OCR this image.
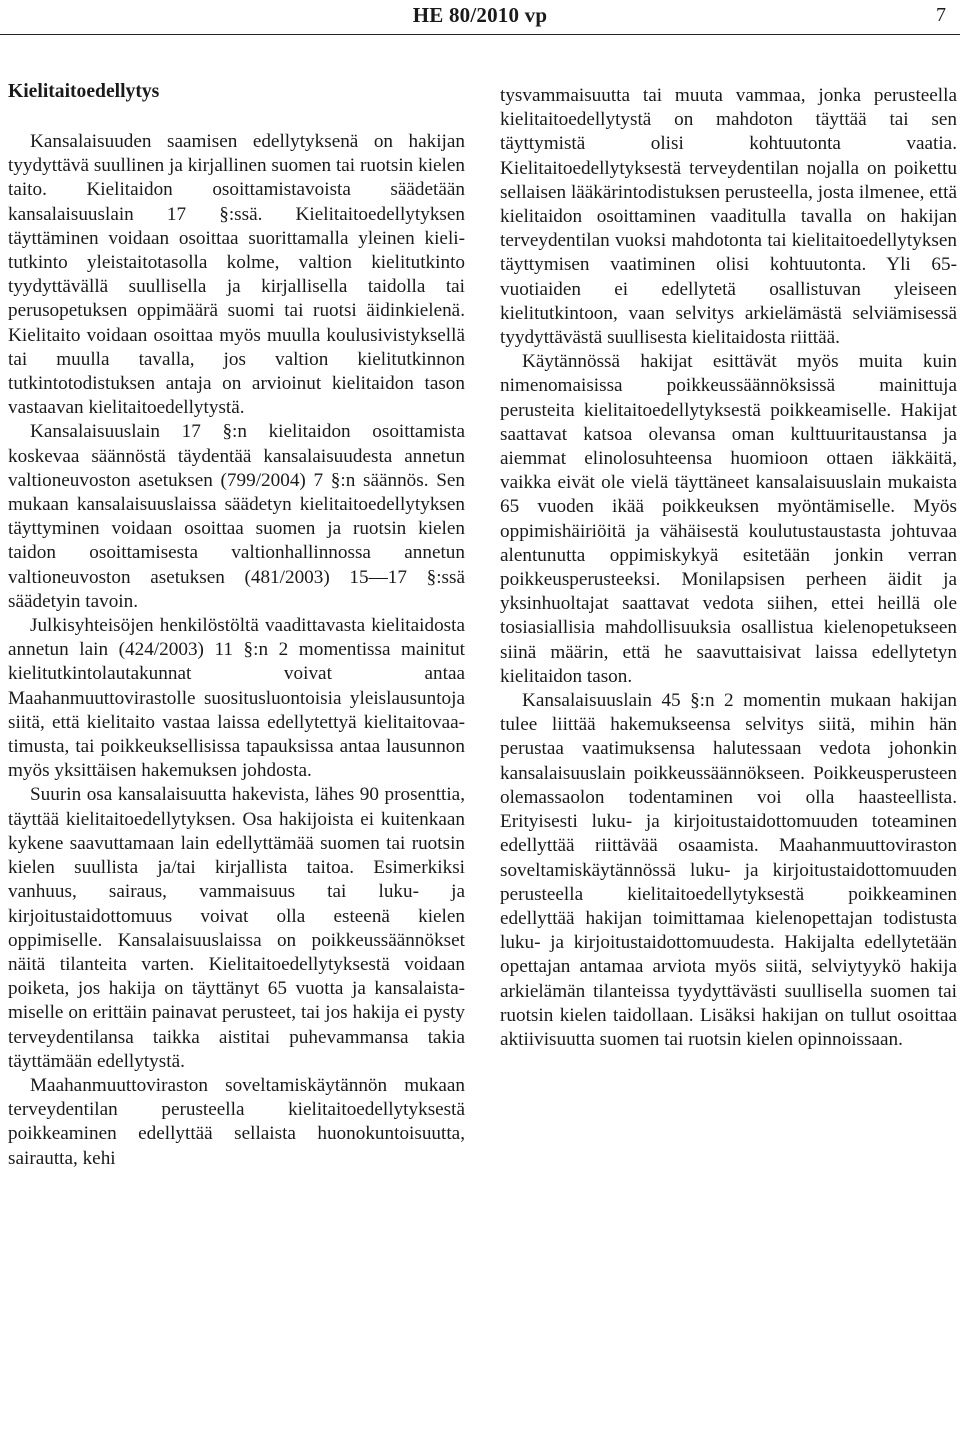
HE 80/2010 vp	7
Kielitaitoedellytys

Kansalaisuuden saamisen edellytyksenä on hakijan tyydyttävä suullinen ja kirjallinen suomen tai ruotsin kielen taito. Kielitaidon osoittamistavoista säädetään kansalaisuuslain 17 §:ssä. Kielitaitoedellytyksen täyttäminen voidaan osoittaa suorittamalla yleinen kielitutkinto yleistaitotasolla kolme, valtion kielitutkinto tyydyttävällä suullisella ja kirjallisella taidolla tai perusopetuksen oppimäärä suomi tai ruotsi äidinkielenä. Kielitaito voidaan osoittaa myös muulla koulusivistyksellä tai muulla tavalla, jos valtion kielitutkinnon tutkintotodistuksen antaja on arvioinut kielitaidon tason vastaavan kielitaitoedellytystä.

Kansalaisuuslain 17 §:n kielitaidon osoittamista koskevaa säännöstä täydentää kansalaisuudesta annetun valtioneuvoston asetuksen (799/2004) 7 §:n säännös. Sen mukaan kansalaisuuslaissa säädetyn kielitaitoedellytyksen täyttyminen voidaan osoittaa suomen ja ruotsin kielen taidon osoittamisesta valtionhallinnossa annetun valtioneuvoston asetuksen (481/2003) 15—17 §:ssä säädetyin tavoin.

Julkisyhteisöjen henkilöstöltä vaadittavasta kielitaidosta annetun lain (424/2003) 11 §:n 2 momentissa mainitut kielitutkintolautakunnat voivat antaa Maahanmuuttovirastolle suositusluontoisia yleislausuntoja siitä, että kielitaito vastaa laissa edellytettyä kielitaitovaatimusta, tai poikkeuksellisissa tapauksissa antaa lausunnon myös yksittäisen hakemuksen johdosta.

Suurin osa kansalaisuutta hakevista, lähes 90 prosenttia, täyttää kielitaitoedellytyksen. Osa hakijoista ei kuitenkaan kykene saavuttamaan lain edellyttämää suomen tai ruotsin kielen suullista ja/tai kirjallista taitoa. Esimerkiksi vanhuus, sairaus, vammaisuus tai luku- ja kirjoitustaidottomuus voivat olla esteenä kielen oppimiselle. Kansalaisuuslaissa on poikkeussäännökset näitä tilanteita varten. Kielitaitoedellytyksestä voidaan poiketa, jos hakija on täyttänyt 65 vuotta ja kansalaistamiselle on erittäin painavat perusteet, tai jos hakija ei pysty terveydentilansa taikka aistitai puhevammansa takia täyttämään edellytystä.

Maahanmuuttoviraston soveltamiskäytännön mukaan terveydentilan perusteella kielitaitoedellytyksestä poikkeaminen edellyttää sellaista huonokuntoisuutta, sairautta, kehi

tysvammaisuutta tai muuta vammaa, jonka perusteella kielitaitoedellytystä on mahdoton täyttää tai sen täyttymistä olisi kohtuutonta vaatia. Kielitaitoedellytyksestä terveydentilan nojalla on poikettu sellaisen lääkärintodistuksen perusteella, josta ilmenee, että kielitaidon osoittaminen vaaditulla tavalla on hakijan terveydentilan vuoksi mahdotonta tai kielitaitoedellytyksen täyttymisen vaatiminen olisi kohtuutonta. Yli 65-vuotiaiden ei edellytetä osallistuvan yleiseen kielitutkintoon, vaan selvitys arkielämästä selviämisessä tyydyttävästä suullisesta kielitaidosta riittää.

Käytännössä hakijat esittävät myös muita kuin nimenomaisissa poikkeussäännöksissä mainittuja perusteita kielitaitoedellytyksestä poikkeamiselle. Hakijat saattavat katsoa olevansa oman kulttuuritaustansa ja aiemmat elinolosuhteensa huomioon ottaen iäkkäitä, vaikka eivät ole vielä täyttäneet kansalaisuuslain mukaista 65 vuoden ikää poikkeuksen myöntämiselle. Myös oppimishäiriöitä ja vähäisestä koulutustaustasta johtuvaa alentunutta oppimiskykyä esitetään jonkin verran poikkeusperusteeksi. Monilapsisen perheen äidit ja yksinhuoltajat saattavat vedota siihen, ettei heillä ole tosiasiallisia mahdollisuuksia osallistua kielenopetukseen siinä määrin, että he saavuttaisivat laissa edellytetyn kielitaidon tason.

Kansalaisuuslain 45 §:n 2 momentin mukaan hakijan tulee liittää hakemukseensa selvitys siitä, mihin hän perustaa vaatimuksensa halutessaan vedota johonkin kansalaisuuslain poikkeussäännökseen. Poikkeusperusteen olemassaolon todentaminen voi olla haasteellista. Erityisesti luku- ja kirjoitustaidottomuuden toteaminen edellyttää riittävää osaamista. Maahanmuuttoviraston soveltamiskäytännössä luku- ja kirjoitustaidottomuuden perusteella kielitaitoedellytyksestä poikkeaminen edellyttää hakijan toimittamaa kielenopettajan todistusta luku- ja kirjoitustaidottomuudesta. Hakijalta edellytetään opettajan antamaa arviota myös siitä, selviytyykö hakija arkielämän tilanteissa tyydyttävästi suullisella suomen tai ruotsin kielen taidollaan. Lisäksi hakijan on tullut osoittaa aktiivisuutta suomen tai ruotsin kielen opinnoissaan.
